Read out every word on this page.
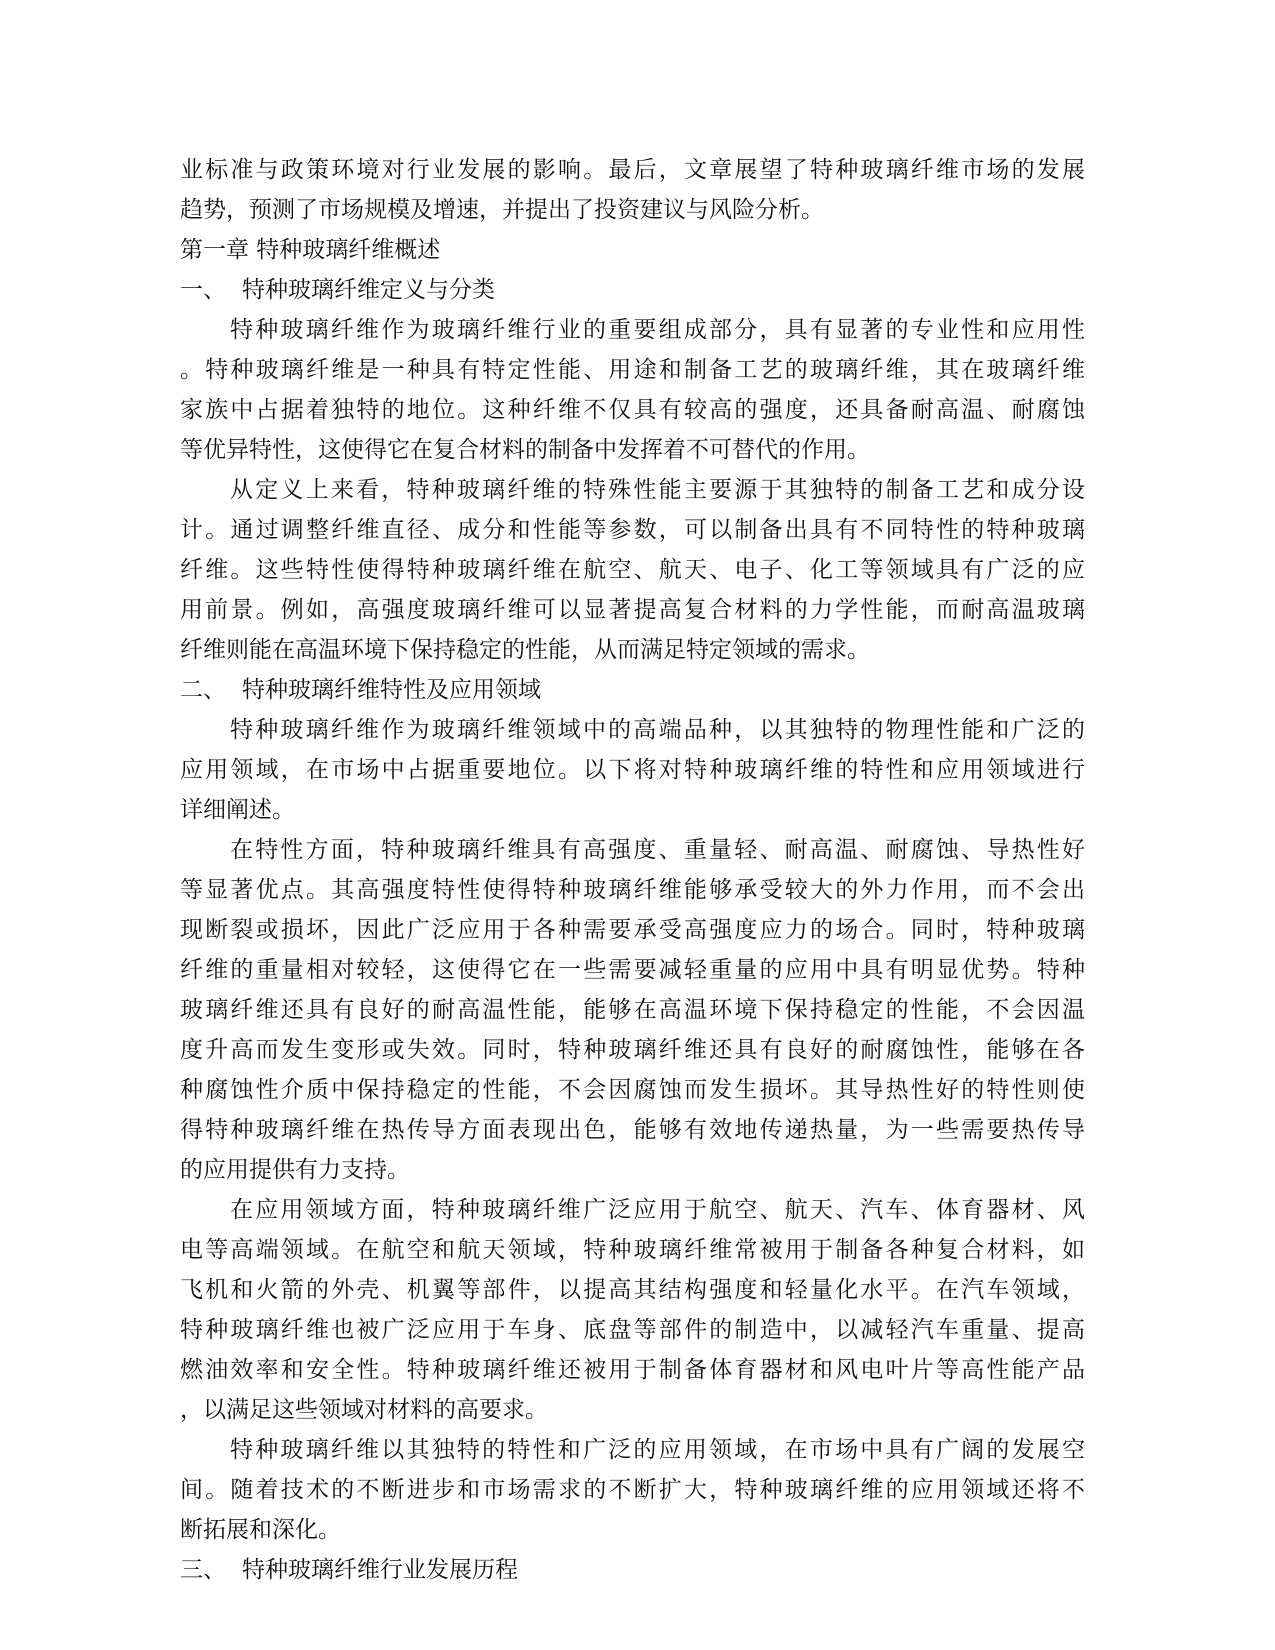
业标准与政策环境对行业发展的影响。最后，文章展望了特种玻璃纤维市场的发展
趋势，预测了市场规模及增速，并提出了投资建议与风险分析。
第一章 特种玻璃纤维概述
一、 特种玻璃纤维定义与分类
特种玻璃纤维作为玻璃纤维行业的重要组成部分，具有显著的专业性和应用性
。特种玻璃纤维是一种具有特定性能、用途和制备工艺的玻璃纤维，其在玻璃纤维
家族中占据着独特的地位。这种纤维不仅具有较高的强度，还具备耐高温、耐腐蚀
等优异特性，这使得它在复合材料的制备中发挥着不可替代的作用。
从定义上来看，特种玻璃纤维的特殊性能主要源于其独特的制备工艺和成分设
计。通过调整纤维直径、成分和性能等参数，可以制备出具有不同特性的特种玻璃
纤维。这些特性使得特种玻璃纤维在航空、航天、电子、化工等领域具有广泛的应
用前景。例如，高强度玻璃纤维可以显著提高复合材料的力学性能，而耐高温玻璃
纤维则能在高温环境下保持稳定的性能，从而满足特定领域的需求。
二、 特种玻璃纤维特性及应用领域
特种玻璃纤维作为玻璃纤维领域中的高端品种，以其独特的物理性能和广泛的
应用领域，在市场中占据重要地位。以下将对特种玻璃纤维的特性和应用领域进行
详细阐述。
在特性方面，特种玻璃纤维具有高强度、重量轻、耐高温、耐腐蚀、导热性好
等显著优点。其高强度特性使得特种玻璃纤维能够承受较大的外力作用，而不会出
现断裂或损坏，因此广泛应用于各种需要承受高强度应力的场合。同时，特种玻璃
纤维的重量相对较轻，这使得它在一些需要减轻重量的应用中具有明显优势。特种
玻璃纤维还具有良好的耐高温性能，能够在高温环境下保持稳定的性能，不会因温
度升高而发生变形或失效。同时，特种玻璃纤维还具有良好的耐腐蚀性，能够在各
种腐蚀性介质中保持稳定的性能，不会因腐蚀而发生损坏。其导热性好的特性则使
得特种玻璃纤维在热传导方面表现出色，能够有效地传递热量，为一些需要热传导
的应用提供有力支持。
在应用领域方面，特种玻璃纤维广泛应用于航空、航天、汽车、体育器材、风
电等高端领域。在航空和航天领域，特种玻璃纤维常被用于制备各种复合材料，如
飞机和火箭的外壳、机翼等部件，以提高其结构强度和轻量化水平。在汽车领域，
特种玻璃纤维也被广泛应用于车身、底盘等部件的制造中，以减轻汽车重量、提高
燃油效率和安全性。特种玻璃纤维还被用于制备体育器材和风电叶片等高性能产品
，以满足这些领域对材料的高要求。
特种玻璃纤维以其独特的特性和广泛的应用领域，在市场中具有广阔的发展空
间。随着技术的不断进步和市场需求的不断扩大，特种玻璃纤维的应用领域还将不
断拓展和深化。
三、 特种玻璃纤维行业发展历程
